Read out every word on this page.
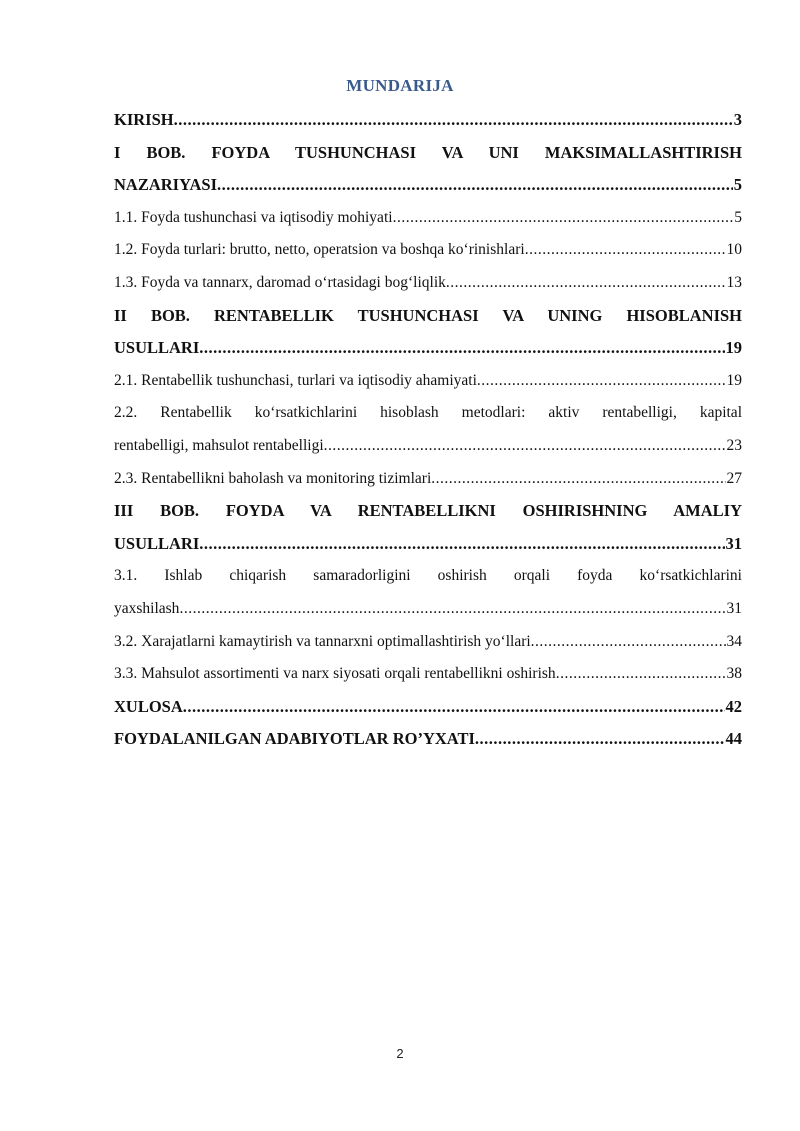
MUNDARIJA
KIRISH .....	3
I BOB. FOYDA TUSHUNCHASI VA UNI MAKSIMALLASHTIRISH
NAZARIYASI .....	5
1.1. Foyda tushunchasi va iqtisodiy mohiyati .....	5
1.2. Foyda turlari: brutto, netto, operatsion va boshqa ko‘rinishlari .....	10
1.3. Foyda va tannarx, daromad o‘rtasidagi bog‘liqlik .....	13
II BOB. RENTABELLIK TUSHUNCHASI VA UNING HISOBLANISH
USULLARI .....	19
2.1. Rentabellik tushunchasi, turlari va iqtisodiy ahamiyati .....	19
2.2. Rentabellik ko‘rsatkichlarini hisoblash metodlari: aktiv rentabelligi, kapital
rentabelligi, mahsulot rentabelligi .....	23
2.3. Rentabellikni baholash va monitoring tizimlari .....	27
III BOB. FOYDA VA RENTABELLIKNI OSHIRISHNING AMALIY
USULLARI .....	31
3.1. Ishlab chiqarish samaradorligini oshirish orqali foyda ko‘rsatkichlarini
yaxshilash .....	31
3.2. Xarajatlarni kamaytirish va tannarxni optimallashtirish yo‘llari .....	34
3.3. Mahsulot assortimenti va narx siyosati orqali rentabellikni oshirish .....	38
XULOSA .....	42
FOYDALANILGAN ADABIYOTLAR RO’YXATI .....	44
2
